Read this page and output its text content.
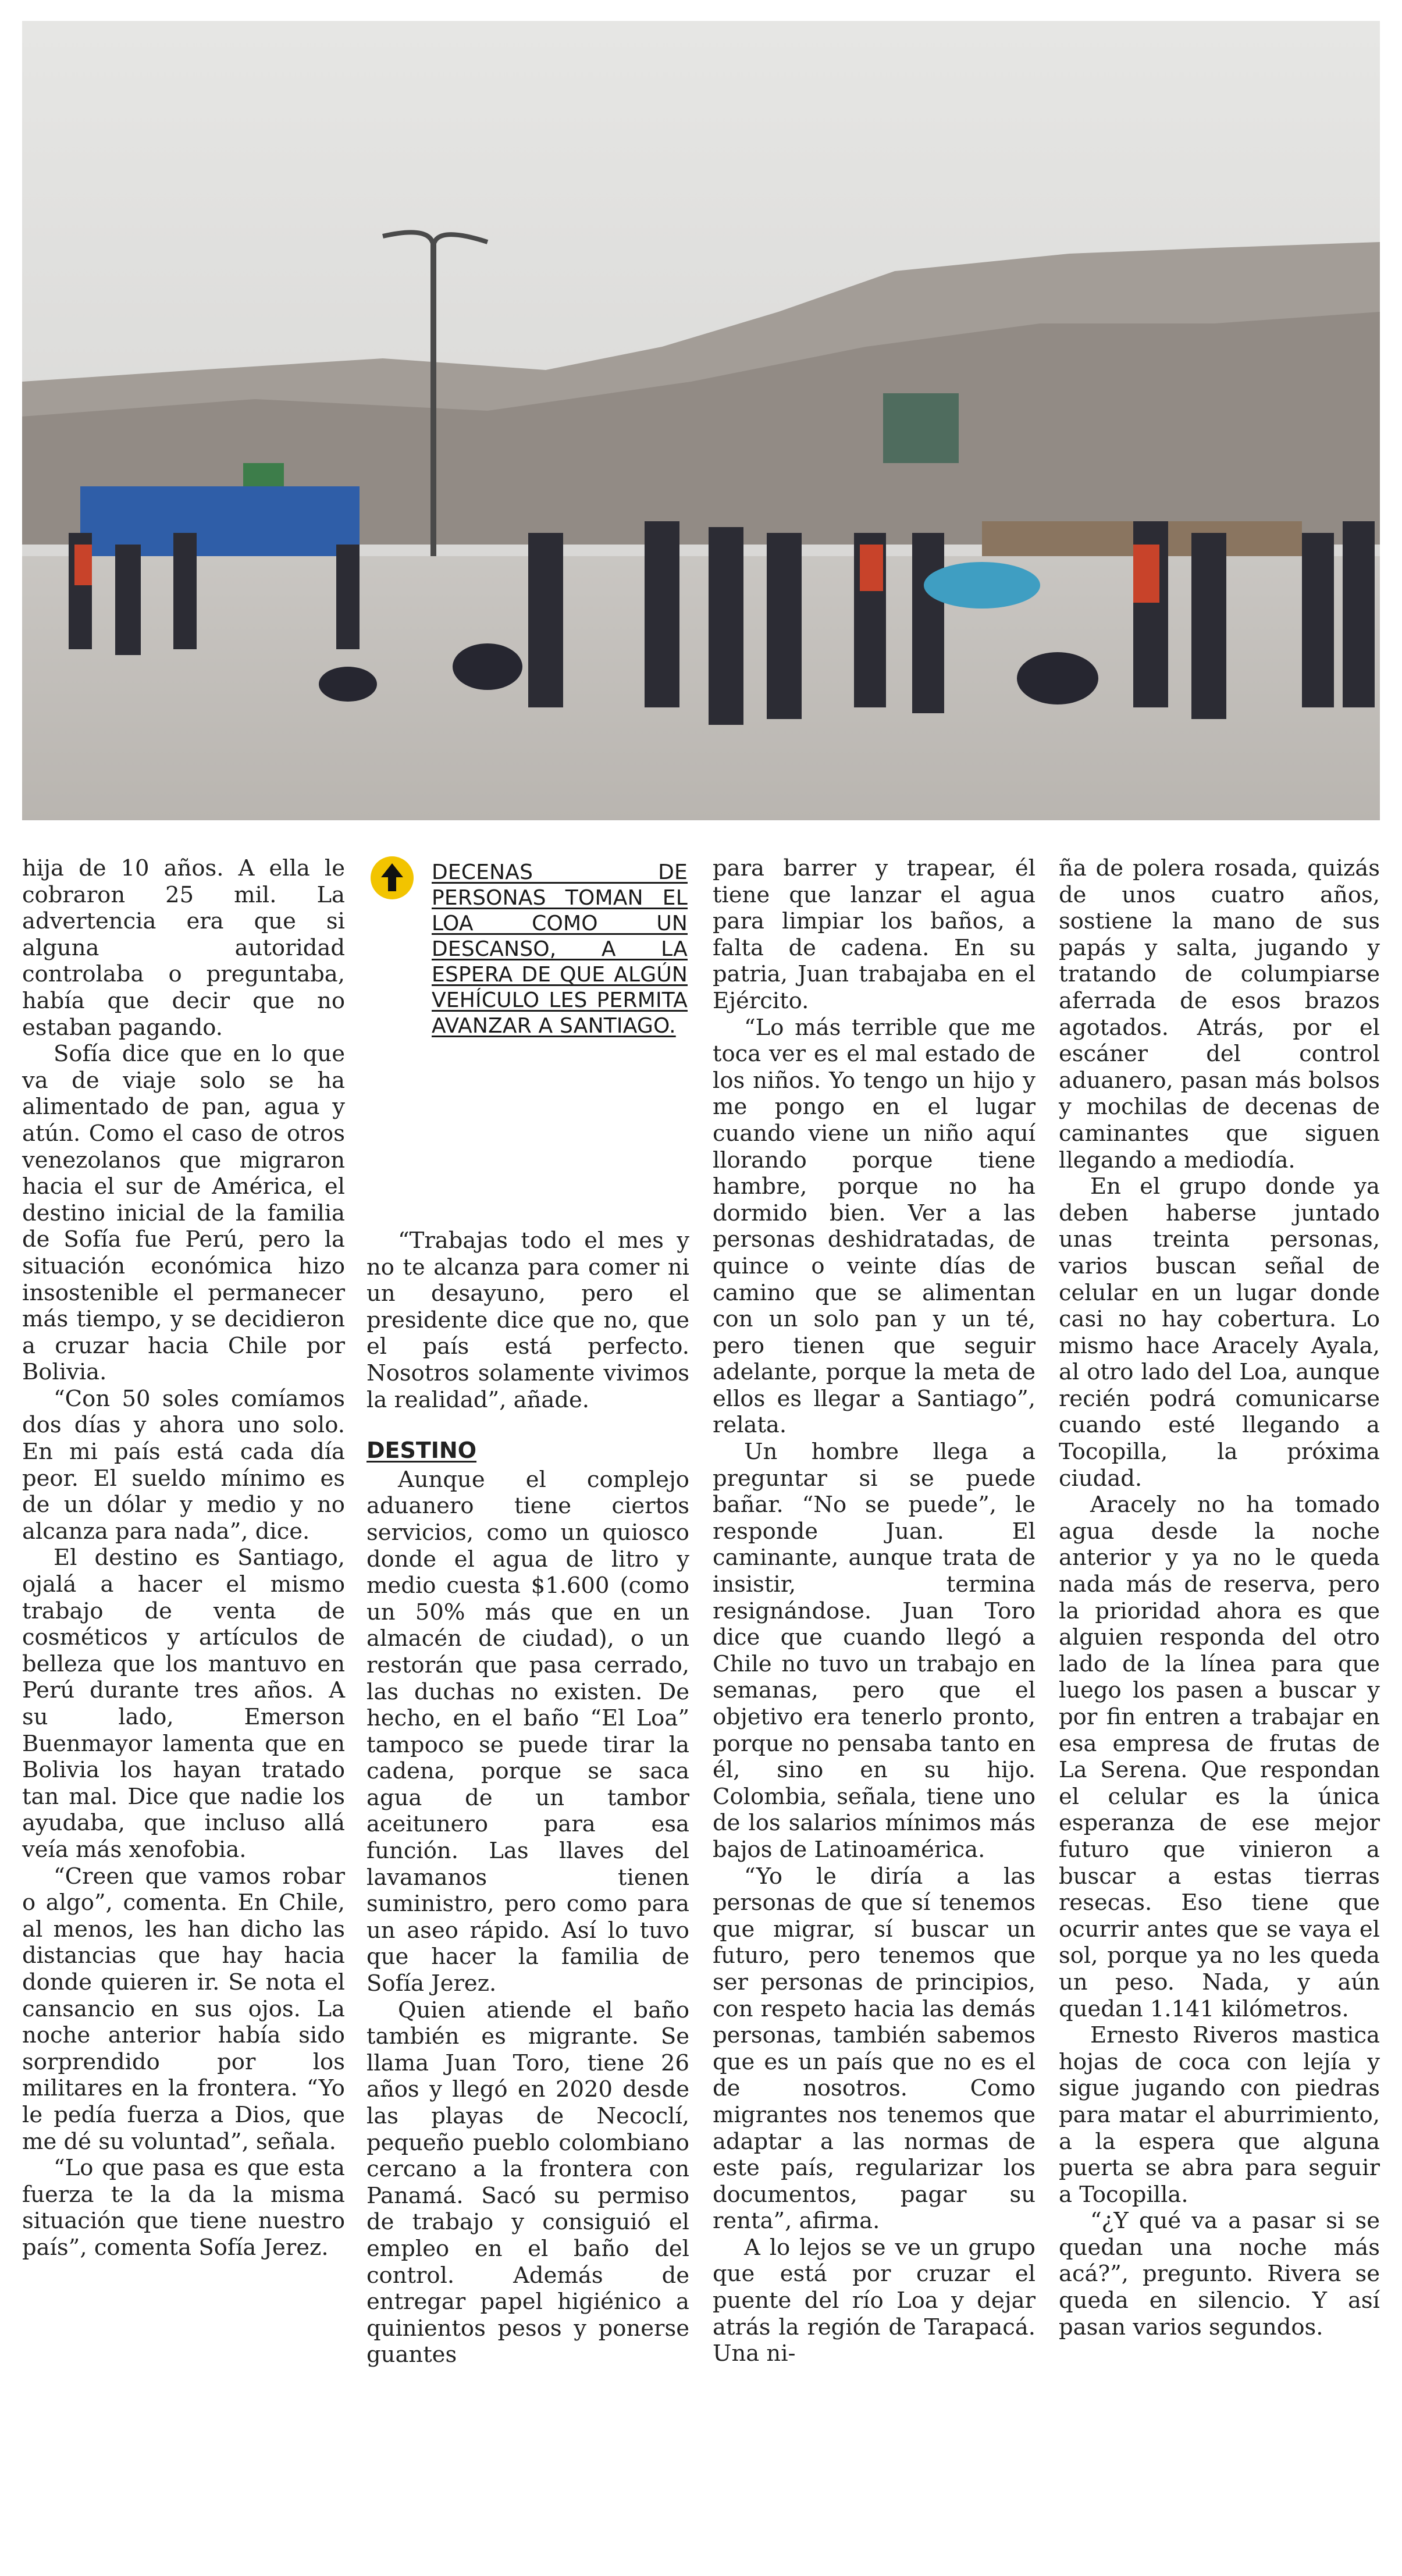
hija de 10 años. A ella le cobraron 25 mil. La advertencia era que si alguna autoridad controlaba o preguntaba, había que decir que no estaban pagando.

Sofía dice que en lo que va de viaje solo se ha alimentado de pan, agua y atún. Como el caso de otros venezolanos que migraron hacia el sur de América, el destino inicial de la familia de Sofía fue Perú, pero la situación económica hizo insostenible el permanecer más tiempo, y se decidieron a cruzar hacia Chile por Bolivia.

“Con 50 soles comíamos dos días y ahora uno solo. En mi país está cada día peor. El sueldo mínimo es de un dólar y medio y no alcanza para nada”, dice.

El destino es Santiago, ojalá a hacer el mismo trabajo de venta de cosméticos y artículos de belleza que los mantuvo en Perú durante tres años. A su lado, Emerson Buenmayor lamenta que en Bolivia los hayan tratado tan mal. Dice que nadie los ayudaba, que incluso allá veía más xenofobia.

“Creen que vamos robar o algo”, comenta. En Chile, al menos, les han dicho las distancias que hay hacia donde quieren ir. Se nota el cansancio en sus ojos. La noche anterior había sido sorprendido por los militares en la frontera. “Yo le pedía fuerza a Dios, que me dé su voluntad”, señala.

“Lo que pasa es que esta fuerza te la da la misma situación que tiene nuestro país”, comenta Sofía Jerez.

DECENAS DE PERSONAS TOMAN EL LOA COMO UN DESCANSO, A LA ESPERA DE QUE ALGÚN VEHÍCULO LES PERMITA AVANZAR A SANTIAGO.

“Trabajas todo el mes y no te alcanza para comer ni un desayuno, pero el presidente dice que no, que el país está perfecto. Nosotros solamente vivimos la realidad”, añade.

DESTINO

Aunque el complejo aduanero tiene ciertos servicios, como un quiosco donde el agua de litro y medio cuesta $1.600 (como un 50% más que en un almacén de ciudad), o un restorán que pasa cerrado, las duchas no existen. De hecho, en el baño “El Loa” tampoco se puede tirar la cadena, porque se saca agua de un tambor aceitunero para esa función. Las llaves del lavamanos tienen suministro, pero como para un aseo rápido. Así lo tuvo que hacer la familia de Sofía Jerez.

Quien atiende el baño también es migrante. Se llama Juan Toro, tiene 26 años y llegó en 2020 desde las playas de Necoclí, pequeño pueblo colombiano cercano a la frontera con Panamá. Sacó su permiso de trabajo y consiguió el empleo en el baño del control. Además de entregar papel higiénico a quinientos pesos y ponerse guantes

para barrer y trapear, él tiene que lanzar el agua para limpiar los baños, a falta de cadena. En su patria, Juan trabajaba en el Ejército.

“Lo más terrible que me toca ver es el mal estado de los niños. Yo tengo un hijo y me pongo en el lugar cuando viene un niño aquí llorando porque tiene hambre, porque no ha dormido bien. Ver a las personas deshidratadas, de quince o veinte días de camino que se alimentan con un solo pan y un té, pero tienen que seguir adelante, porque la meta de ellos es llegar a Santiago”, relata.

Un hombre llega a preguntar si se puede bañar. “No se puede”, le responde Juan. El caminante, aunque trata de insistir, termina resignándose. Juan Toro dice que cuando llegó a Chile no tuvo un trabajo en semanas, pero que el objetivo era tenerlo pronto, porque no pensaba tanto en él, sino en su hijo. Colombia, señala, tiene uno de los salarios mínimos más bajos de Latinoamérica.

“Yo le diría a las personas de que sí tenemos que migrar, sí buscar un futuro, pero tenemos que ser personas de principios, con respeto hacia las demás personas, también sabemos que es un país que no es el de nosotros. Como migrantes nos tenemos que adaptar a las normas de este país, regularizar los documentos, pagar su renta”, afirma.

A lo lejos se ve un grupo que está por cruzar el puente del río Loa y dejar atrás la región de Tarapacá. Una ni-

ña de polera rosada, quizás de unos cuatro años, sostiene la mano de sus papás y salta, jugando y tratando de columpiarse aferrada de esos brazos agotados. Atrás, por el escáner del control aduanero, pasan más bolsos y mochilas de decenas de caminantes que siguen llegando a mediodía.

En el grupo donde ya deben haberse juntado unas treinta personas, varios buscan señal de celular en un lugar donde casi no hay cobertura. Lo mismo hace Aracely Ayala, al otro lado del Loa, aunque recién podrá comunicarse cuando esté llegando a Tocopilla, la próxima ciudad.

Aracely no ha tomado agua desde la noche anterior y ya no le queda nada más de reserva, pero la prioridad ahora es que alguien responda del otro lado de la línea para que luego los pasen a buscar y por fin entren a trabajar en esa empresa de frutas de La Serena. Que respondan el celular es la única esperanza de ese mejor futuro que vinieron a buscar a estas tierras resecas. Eso tiene que ocurrir antes que se vaya el sol, porque ya no les queda un peso. Nada, y aún quedan 1.141 kilómetros.

Ernesto Riveros mastica hojas de coca con lejía y sigue jugando con piedras para matar el aburrimiento, a la espera que alguna puerta se abra para seguir a Tocopilla.

“¿Y qué va a pasar si se quedan una noche más acá?”, pregunto. Rivera se queda en silencio. Y así pasan varios segundos.
